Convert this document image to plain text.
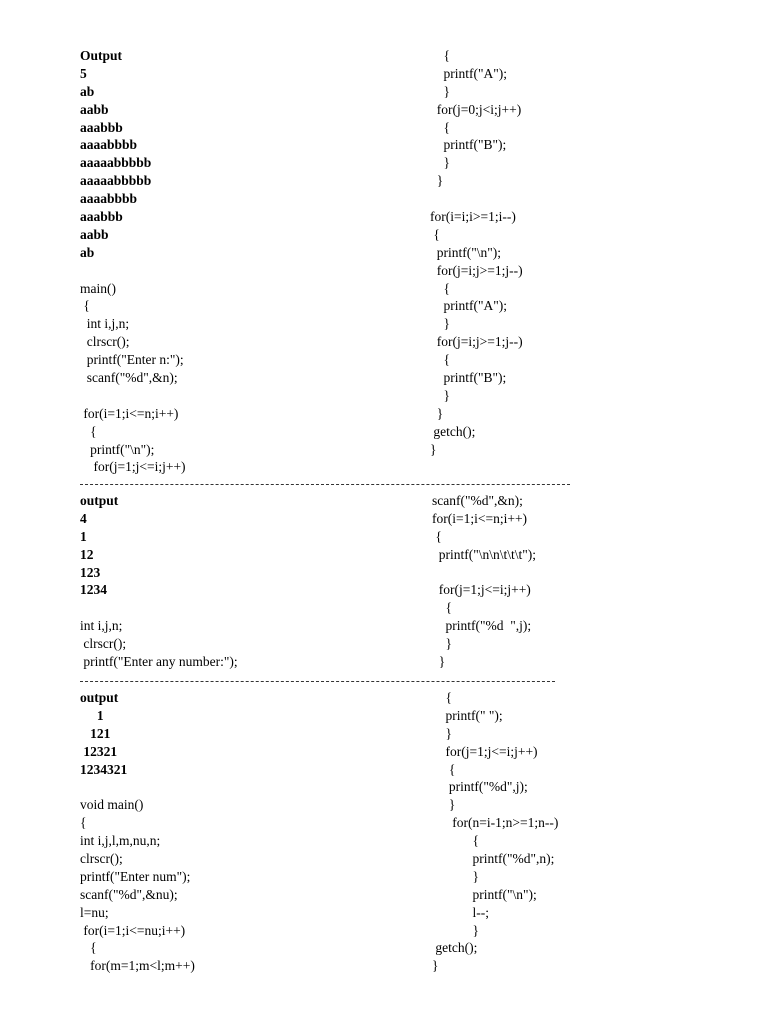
Output
5
ab
aabb
aaabbb
aaaabbbb
aaaaabbbbb
aaaaabbbbb
aaaabbbb
aaabbb
aabb
ab
main()
{
int i,j,n;
clrscr();
printf("Enter n:");
scanf("%d",&n);
for(i=1;i<=n;i++)
{
printf("\n");
for(j=1;j<=i;j++)
{
printf("A");
}
for(j=0;j<i;j++)
{
printf("B");
}
}
for(i=i;i>=1;i--)
{
printf("\n");
for(j=i;j>=1;j--)
{
printf("A");
}
for(j=i;j>=1;j--)
{
printf("B");
}
}
getch();
}
output
4
1
12
123
1234
int i,j,n;
clrscr();
printf("Enter any number:");
scanf("%d",&n);
for(i=1;i<=n;i++)
{
printf("\n\n\t\t\t");
for(j=1;j<=i;j++)
{
printf("%d  ",j);
}
}
output
1
121
12321
1234321
void main()
{
int i,j,l,m,nu,n;
clrscr();
printf("Enter num");
scanf("%d",&nu);
l=nu;
for(i=1;i<=nu;i++)
{
for(m=1;m<l;m++)
{
printf(" ");
}
for(j=1;j<=i;j++)
{
printf("%d",j);
}
for(n=i-1;n>=1;n--)
{
printf("%d",n);
}
printf("\n");
l--;
}
getch();
}
